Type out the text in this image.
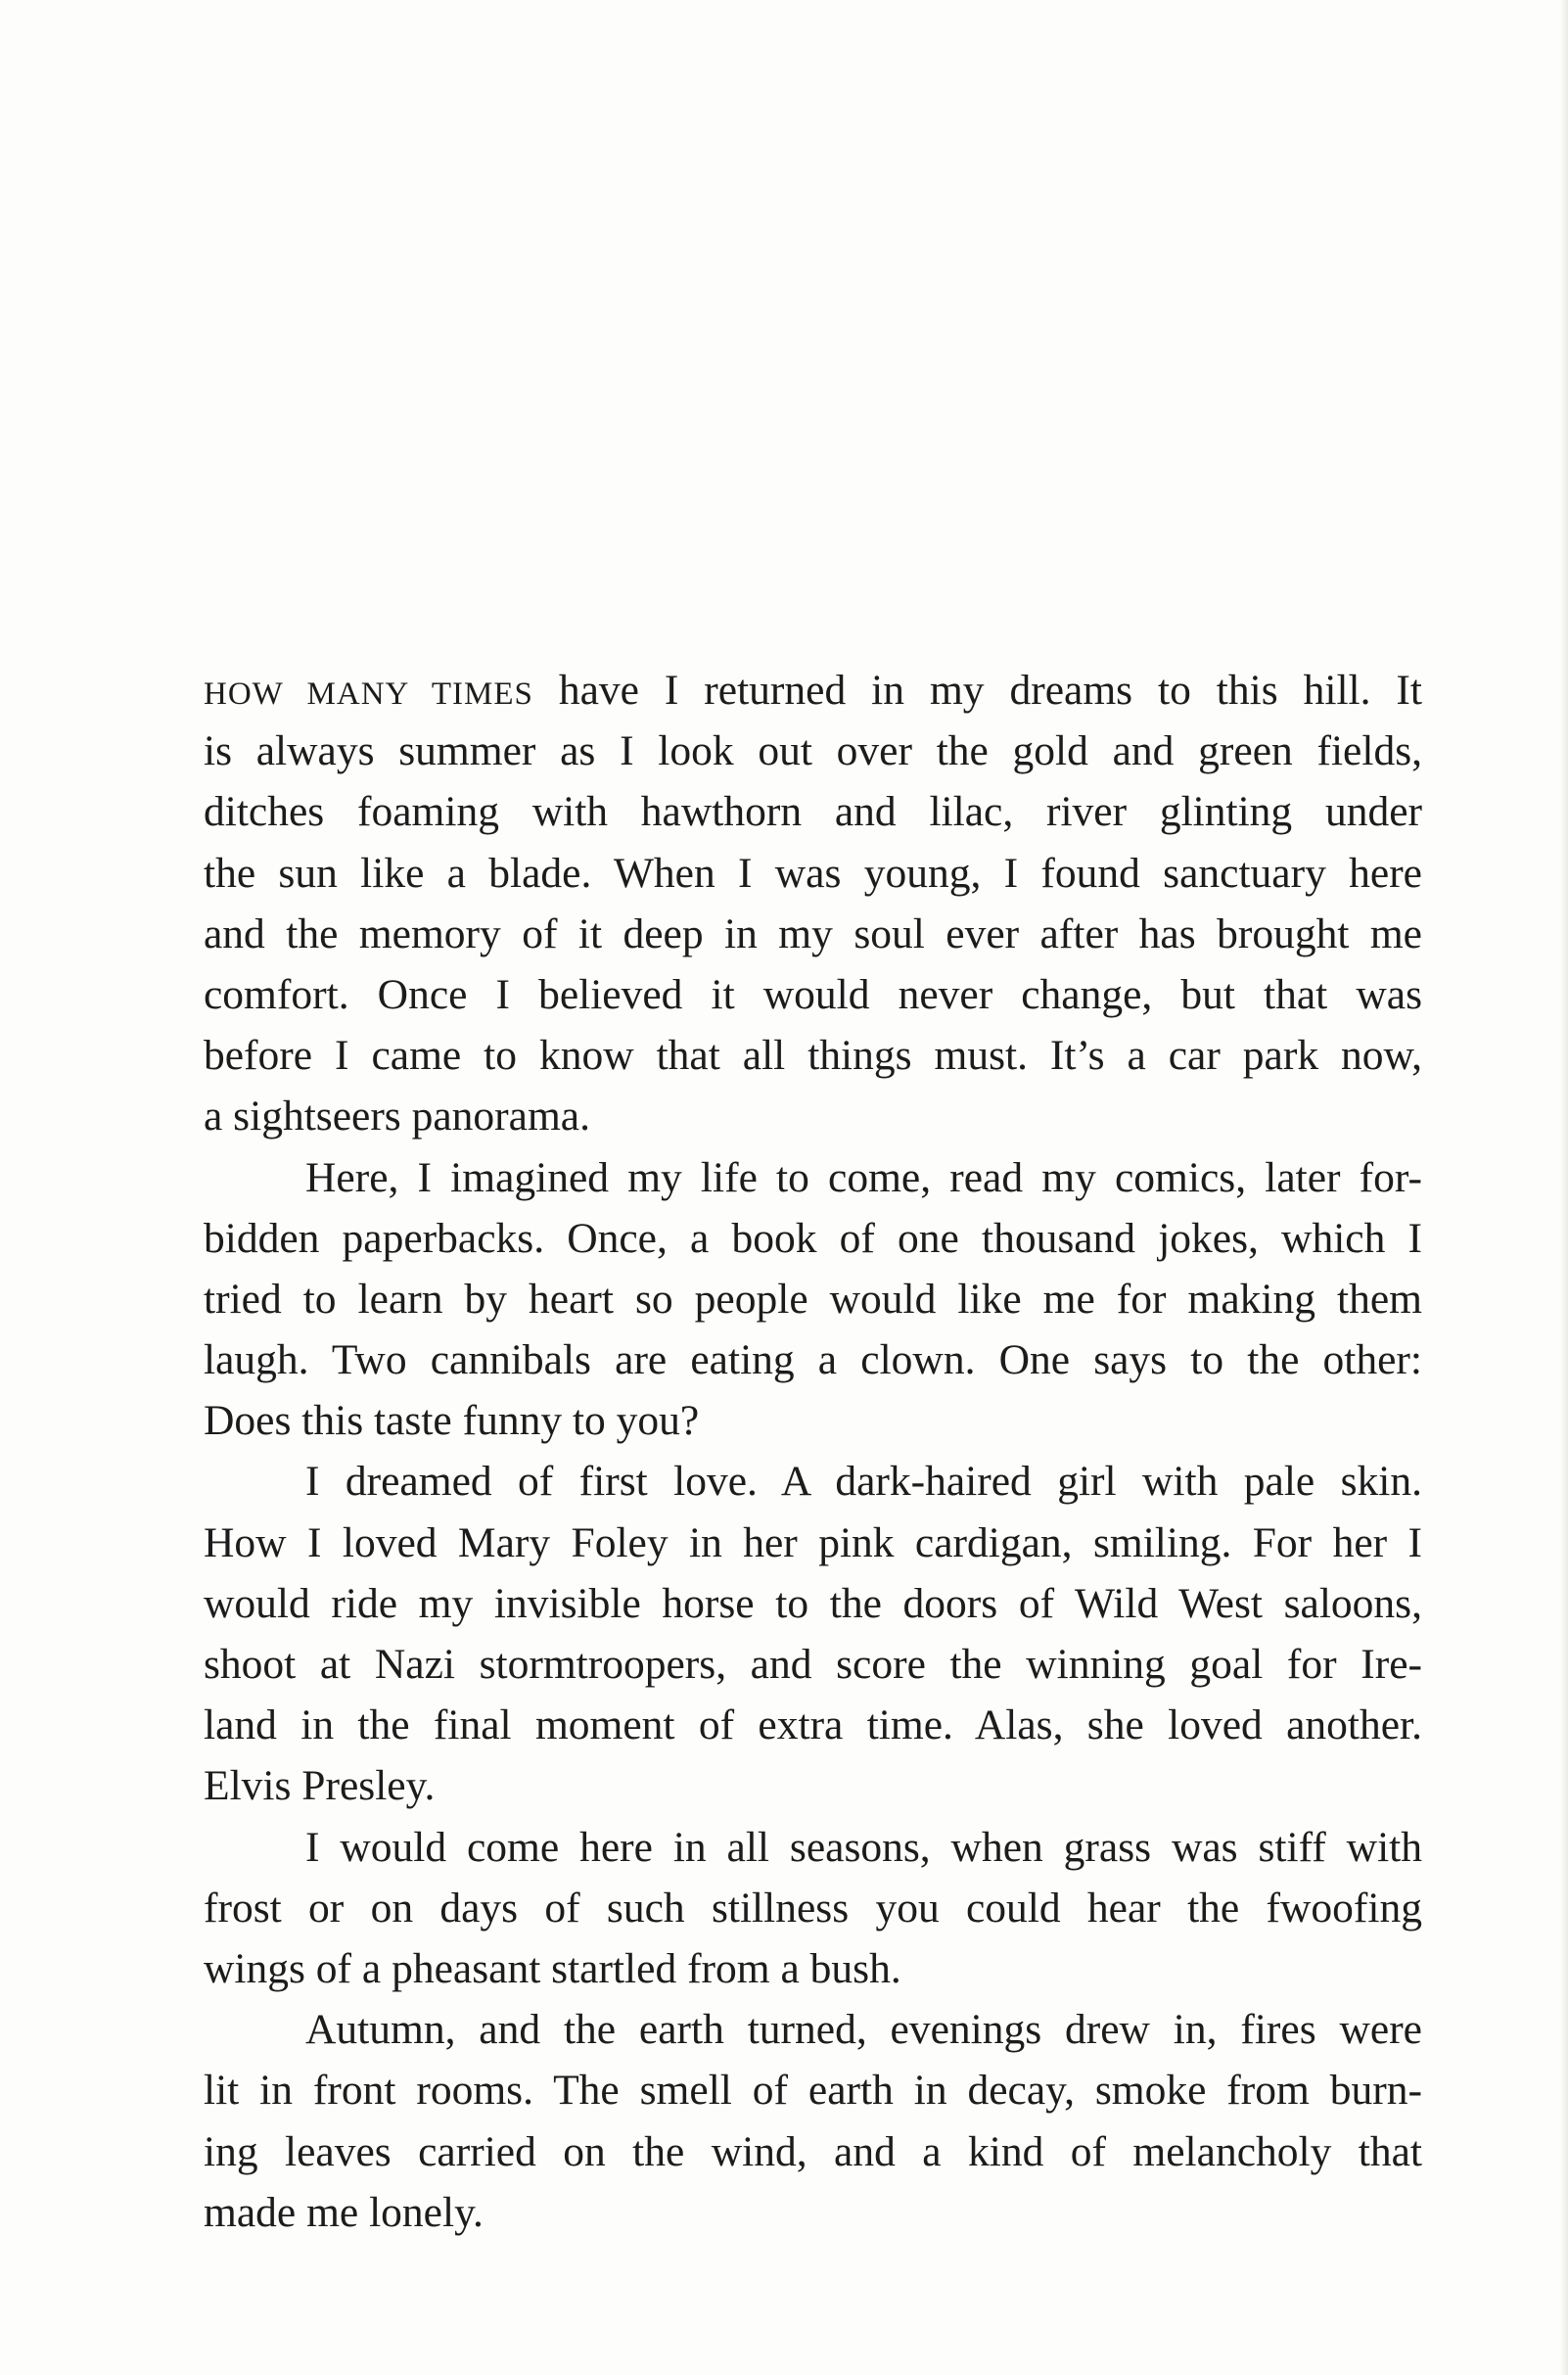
HOW MANY TIMES have I returned in my dreams to this hill. It
is always summer as I look out over the gold and green fields,
ditches foaming with hawthorn and lilac, river glinting under
the sun like a blade. When I was young, I found sanctuary here
and the memory of it deep in my soul ever after has brought me
comfort. Once I believed it would never change, but that was
before I came to know that all things must. It’s a car park now,
a sightseers panorama.
Here, I imagined my life to come, read my comics, later for-
bidden paperbacks. Once, a book of one thousand jokes, which I
tried to learn by heart so people would like me for making them
laugh. Two cannibals are eating a clown. One says to the other:
Does this taste funny to you?
I dreamed of first love. A dark-haired girl with pale skin.
How I loved Mary Foley in her pink cardigan, smiling. For her I
would ride my invisible horse to the doors of Wild West saloons,
shoot at Nazi stormtroopers, and score the winning goal for Ire-
land in the final moment of extra time. Alas, she loved another.
Elvis Presley.
I would come here in all seasons, when grass was stiff with
frost or on days of such stillness you could hear the fwoofing
wings of a pheasant startled from a bush.
Autumn, and the earth turned, evenings drew in, fires were
lit in front rooms. The smell of earth in decay, smoke from burn-
ing leaves carried on the wind, and a kind of melancholy that
made me lonely.
